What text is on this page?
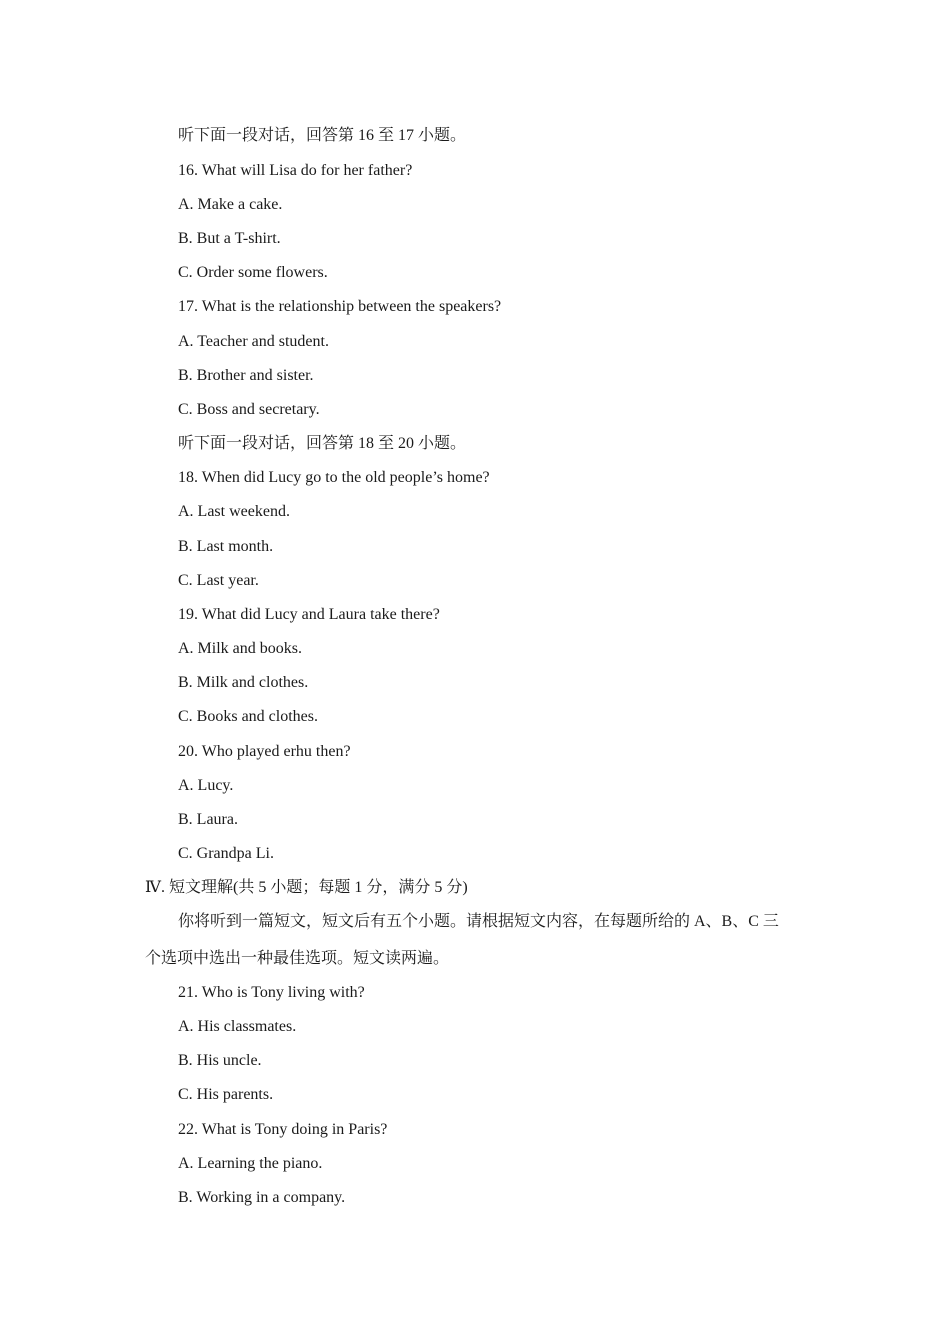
听下面一段对话，回答第 16 至 17 小题。
16. What will Lisa do for her father?
A. Make a cake.
B. But a T-shirt.
C. Order some flowers.
17. What is the relationship between the speakers?
A. Teacher and student.
B. Brother and sister.
C. Boss and secretary.
听下面一段对话，回答第 18 至 20 小题。
18. When did Lucy go to the old people’s home?
A. Last weekend.
B. Last month.
C. Last year.
19. What did Lucy and Laura take there?
A. Milk and books.
B. Milk and clothes.
C. Books and clothes.
20. Who played erhu then?
A. Lucy.
B. Laura.
C. Grandpa Li.
Ⅳ. 短文理解(共 5 小题；每题 1 分，满分 5 分)
你将听到一篇短文，短文后有五个小题。请根据短文内容，在每题所给的 A、B、C 三
个选项中选出一种最佳选项。短文读两遍。
21. Who is Tony living with?
A. His classmates.
B. His uncle.
C. His parents.
22. What is Tony doing in Paris?
A. Learning the piano.
B. Working in a company.
